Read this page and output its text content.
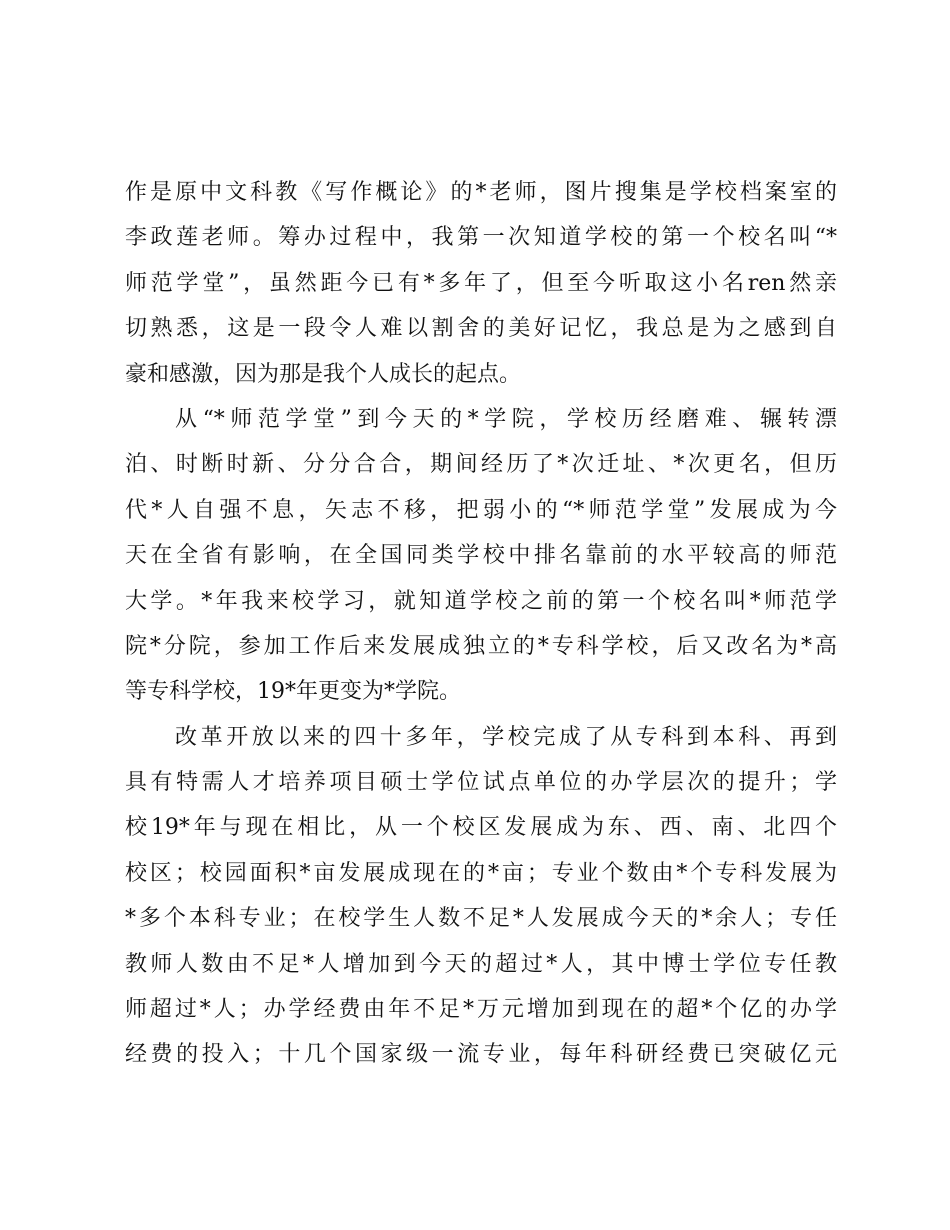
作是原中文科教《写作概论》的*老师，图片搜集是学校档案室的
李政莲老师。筹办过程中，我第一次知道学校的第一个校名叫“*
师范学堂”，虽然距今已有*多年了，但至今听取这小名ren然亲
切熟悉，这是一段令人难以割舍的美好记忆，我总是为之感到自
豪和感激，因为那是我个人成长的起点。
从“*师范学堂”到今天的*学院，学校历经磨难、辗转漂
泊、时断时新、分分合合，期间经历了*次迁址、*次更名，但历
代*人自强不息，矢志不移，把弱小的“*师范学堂”发展成为今
天在全省有影响，在全国同类学校中排名靠前的水平较高的师范
大学。*年我来校学习，就知道学校之前的第一个校名叫*师范学
院*分院，参加工作后来发展成独立的*专科学校，后又改名为*高
等专科学校，19*年更变为*学院。
改革开放以来的四十多年，学校完成了从专科到本科、再到
具有特需人才培养项目硕士学位试点单位的办学层次的提升；学
校19*年与现在相比，从一个校区发展成为东、西、南、北四个
校区；校园面积*亩发展成现在的*亩；专业个数由*个专科发展为
*多个本科专业；在校学生人数不足*人发展成今天的*余人；专任
教师人数由不足*人增加到今天的超过*人，其中博士学位专任教
师超过*人；办学经费由年不足*万元增加到现在的超*个亿的办学
经费的投入；十几个国家级一流专业，每年科研经费已突破亿元
